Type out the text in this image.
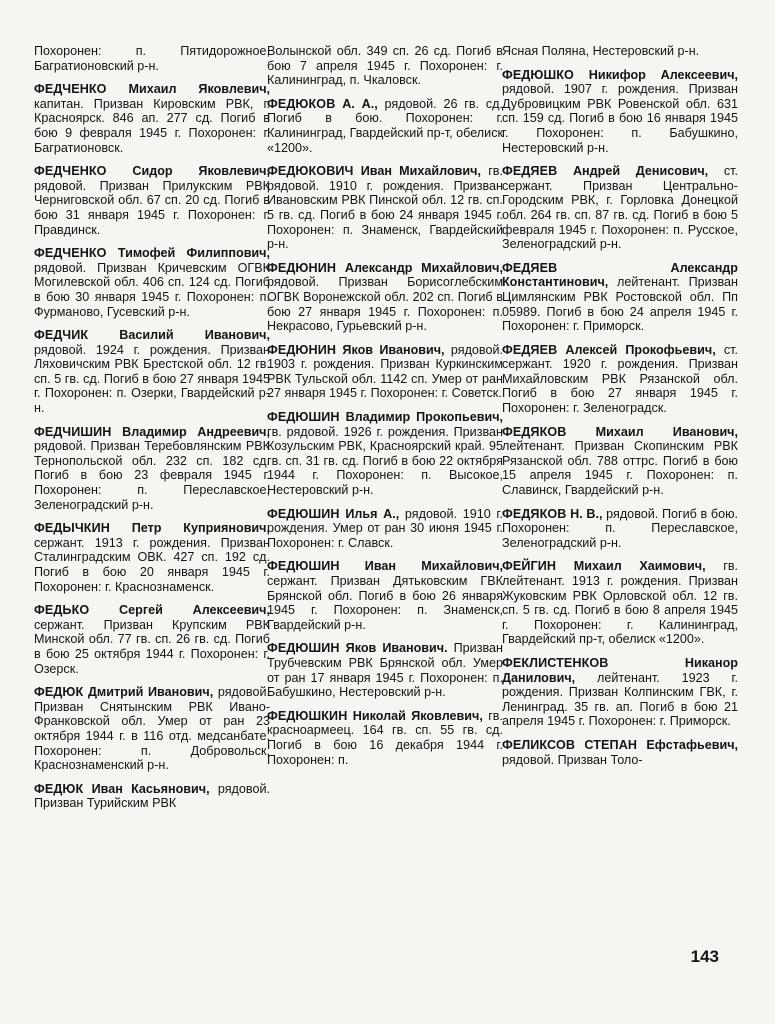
Похоронен: п. Пятидорожное, Багратионовский р-н.

ФЕДЧЕНКО Михаил Яковлевич, капитан. Призван Кировским РВК, г. Красноярск. 846 ап. 277 сд. Погиб в бою 9 февраля 1945 г. Похоронен: г. Багратионовск.

ФЕДЧЕНКО Сидор Яковлевич, рядовой. Призван Прилукским РВК Черниговской обл. 67 сп. 20 сд. Погиб в бою 31 января 1945 г. Похоронен: г. Правдинск.

ФЕДЧЕНКО Тимофей Филиппович, рядовой. Призван Кричевским ОГВК Могилевской обл. 406 сп. 124 сд. Погиб в бою 30 января 1945 г. Похоронен: п. Фурманово, Гусевский р-н.

ФЕДЧИК Василий Иванович, рядовой. 1924 г. рождения. Призван Ляховичским РВК Брестской обл. 12 гв. сп. 5 гв. сд. Погиб в бою 27 января 1945 г. Похоронен: п. Озерки, Гвардейский р-н.

ФЕДЧИШИН Владимир Андреевич, рядовой. Призван Теребовлянским РВК Тернопольской обл. 232 сп. 182 сд. Погиб в бою 23 февраля 1945 г. Похоронен: п. Переславское, Зеленоградский р-н.

ФЕДЫЧКИН Петр Куприянович, сержант. 1913 г. рождения. Призван Сталинградским ОВК. 427 сп. 192 сд. Погиб в бою 20 января 1945 г. Похоронен: г. Краснознаменск.

ФЕДЬКО Сергей Алексеевич, сержант. Призван Крупским РВК Минской обл. 77 гв. сп. 26 гв. сд. Погиб в бою 25 октября 1944 г. Похоронен: г. Озерск.

ФЕДЮК Дмитрий Иванович, рядовой. Призван Снятынским РВК Ивано-Франковской обл. Умер от ран 23 октября 1944 г. в 116 отд. медсанбате. Похоронен: п. Добровольск, Краснознаменский р-н.

ФЕДЮК Иван Касьянович, рядовой. Призван Турийским РВК

Волынской обл. 349 сп. 26 сд. Погиб в бою 7 апреля 1945 г. Похоронен: г. Калининград, п. Чкаловск.

ФЕДЮКОВ А. А., рядовой. 26 гв. сд. Погиб в бою. Похоронен: г. Калининград, Гвардейский пр-т, обелиск «1200».

ФЕДЮКОВИЧ Иван Михайлович, гв. рядовой. 1910 г. рождения. Призван Ивановским РВК Пинской обл. 12 гв. сп. 5 гв. сд. Погиб в бою 24 января 1945 г. Похоронен: п. Знаменск, Гвардейский р-н.

ФЕДЮНИН Александр Михайлович, рядовой. Призван Борисоглебским ОГВК Воронежской обл. 202 сп. Погиб в бою 27 января 1945 г. Похоронен: п. Некрасово, Гурьевский р-н.

ФЕДЮНИН Яков Иванович, рядовой. 1903 г. рождения. Призван Куркинским РВК Тульской обл. 1142 сп. Умер от ран 27 января 1945 г. Похоронен: г. Советск.

ФЕДЮШИН Владимир Прокопьевич, гв. рядовой. 1926 г. рождения. Призван Козульским РВК, Красноярский край. 95 гв. сп. 31 гв. сд. Погиб в бою 22 октября 1944 г. Похоронен: п. Высокое, Нестеровский р-н.

ФЕДЮШИН Илья А., рядовой. 1910 г. рождения. Умер от ран 30 июня 1945 г. Похоронен: г. Славск.

ФЕДЮШИН Иван Михайлович, сержант. Призван Дятьковским ГВК Брянской обл. Погиб в бою 26 января 1945 г. Похоронен: п. Знаменск, Гвардейский р-н.

ФЕДЮШИН Яков Иванович. Призван Трубчевским РВК Брянской обл. Умер от ран 17 января 1945 г. Похоронен: п. Бабушкино, Нестеровский р-н.

ФЕДЮШКИН Николай Яковлевич, гв. красноармеец. 164 гв. сп. 55 гв. сд. Погиб в бою 16 декабря 1944 г. Похоронен: п.

Ясная Поляна, Нестеровский р-н.

ФЕДЮШКО Никифор Алексеевич, рядовой. 1907 г. рождения. Призван Дубровицким РВК Ровенской обл. 631 сп. 159 сд. Погиб в бою 16 января 1945 г. Похоронен: п. Бабушкино, Нестеровский р-н.

ФЕДЯЕВ Андрей Денисович, ст. сержант. Призван Центрально-Городским РВК, г. Горловка Донецкой обл. 264 гв. сп. 87 гв. сд. Погиб в бою 5 февраля 1945 г. Похоронен: п. Русское, Зеленоградский р-н.

ФЕДЯЕВ	Александр Константинович, лейтенант. Призван Цимлянским РВК Ростовской обл. Пп 05989. Погиб в бою 24 апреля 1945 г. Похоронен: г. Приморск.

ФЕДЯЕВ Алексей Прокофьевич, ст. сержант. 1920 г. рождения. Призван Михайловским РВК Рязанской обл. Погиб в бою 27 января 1945 г. Похоронен: г. Зеленоградск.

ФЕДЯКОВ Михаил Иванович, лейтенант. Призван Скопинским РВК Рязанской обл. 788 оттрс. Погиб в бою 15 апреля 1945 г. Похоронен: п. Славинск, Гвардейский р-н.

ФЕДЯКОВ Н. В., рядовой. Погиб в бою. Похоронен: п. Переславское, Зеленоградский р-н.

ФЕЙГИН Михаил Хаимович, гв. лейтенант. 1913 г. рождения. Призван Жуковским РВК Орловской обл. 12 гв. сп. 5 гв. сд. Погиб в бою 8 апреля 1945 г. Похоронен: г. Калининград, Гвардейский пр-т, обелиск «1200».

ФЕКЛИСТЕНКОВ	Никанор Данилович, лейтенант. 1923 г. рождения. Призван Колпинским ГВК, г. Ленинград. 35 гв. ап. Погиб в бою 21 апреля 1945 г. Похоронен: г. Приморск.

ФЕЛИКСОВ СТЕПАН Ефстафьевич, рядовой. Призван Толо-

143
